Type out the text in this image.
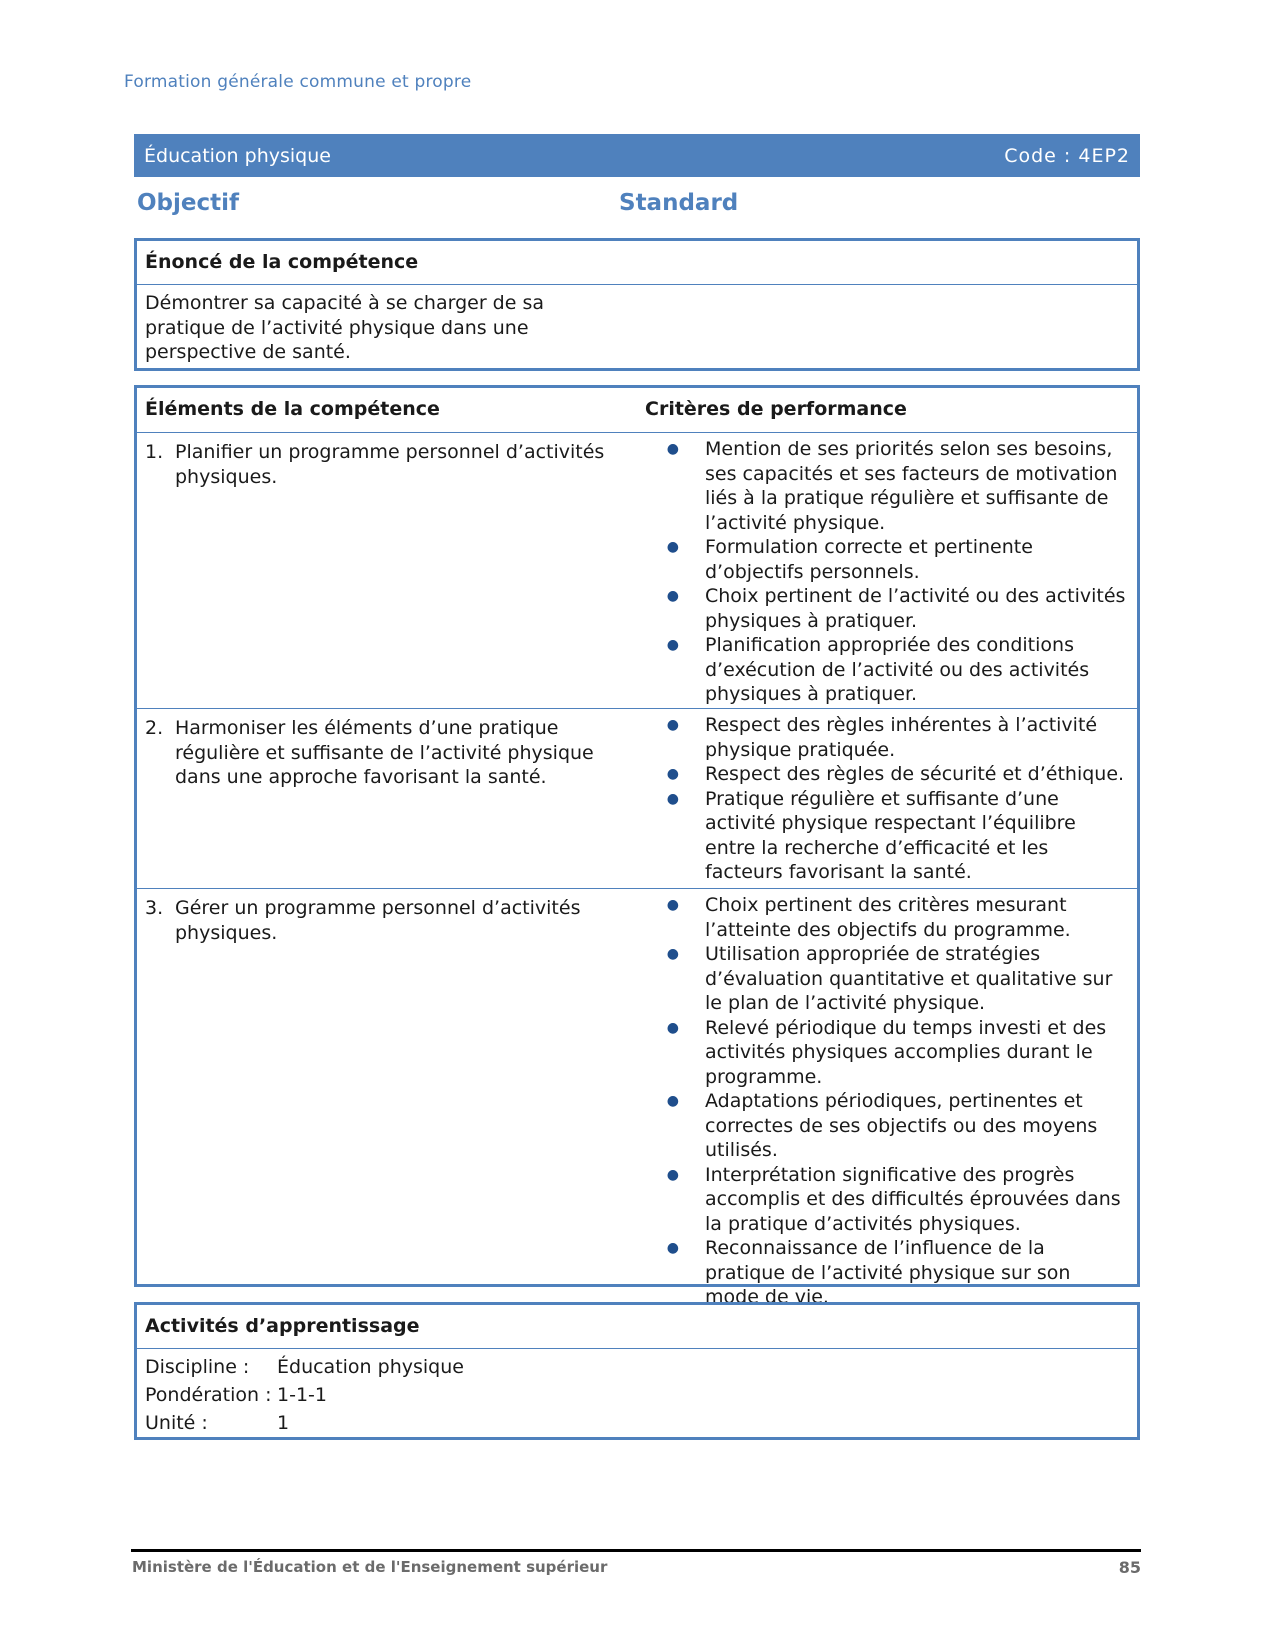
Formation générale commune et propre
Éducation physique	Code : 4EP2
Objectif	Standard
Énoncé de la compétence
Démontrer sa capacité à se charger de sa pratique de l’activité physique dans une perspective de santé.
Éléments de la compétence	Critères de performance
1. Planifier un programme personnel d’activités physiques.
●	Mention de ses priorités selon ses besoins, ses capacités et ses facteurs de motivation liés à la pratique régulière et suffisante de l’activité physique.
●	Formulation correcte et pertinente d’objectifs personnels.
●	Choix pertinent de l’activité ou des activités physiques à pratiquer.
●	Planification appropriée des conditions d’exécution de l’activité ou des activités physiques à pratiquer.
2. Harmoniser les éléments d’une pratique régulière et suffisante de l’activité physique dans une approche favorisant la santé.
●	Respect des règles inhérentes à l’activité physique pratiquée.
●	Respect des règles de sécurité et d’éthique.
●	Pratique régulière et suffisante d’une activité physique respectant l’équilibre entre la recherche d’efficacité et les facteurs favorisant la santé.
3. Gérer un programme personnel d’activités physiques.
●	Choix pertinent des critères mesurant l’atteinte des objectifs du programme.
●	Utilisation appropriée de stratégies d’évaluation quantitative et qualitative sur le plan de l’activité physique.
●	Relevé périodique du temps investi et des activités physiques accomplies durant le programme.
●	Adaptations périodiques, pertinentes et correctes de ses objectifs ou des moyens utilisés.
●	Interprétation significative des progrès accomplis et des difficultés éprouvées dans la pratique d’activités physiques.
●	Reconnaissance de l’influence de la pratique de l’activité physique sur son mode de vie.
Activités d’apprentissage
Discipline :	Éducation physique
Pondération : 1-1-1
Unité :	1
Ministère de l'Éducation et de l'Enseignement supérieur	85
